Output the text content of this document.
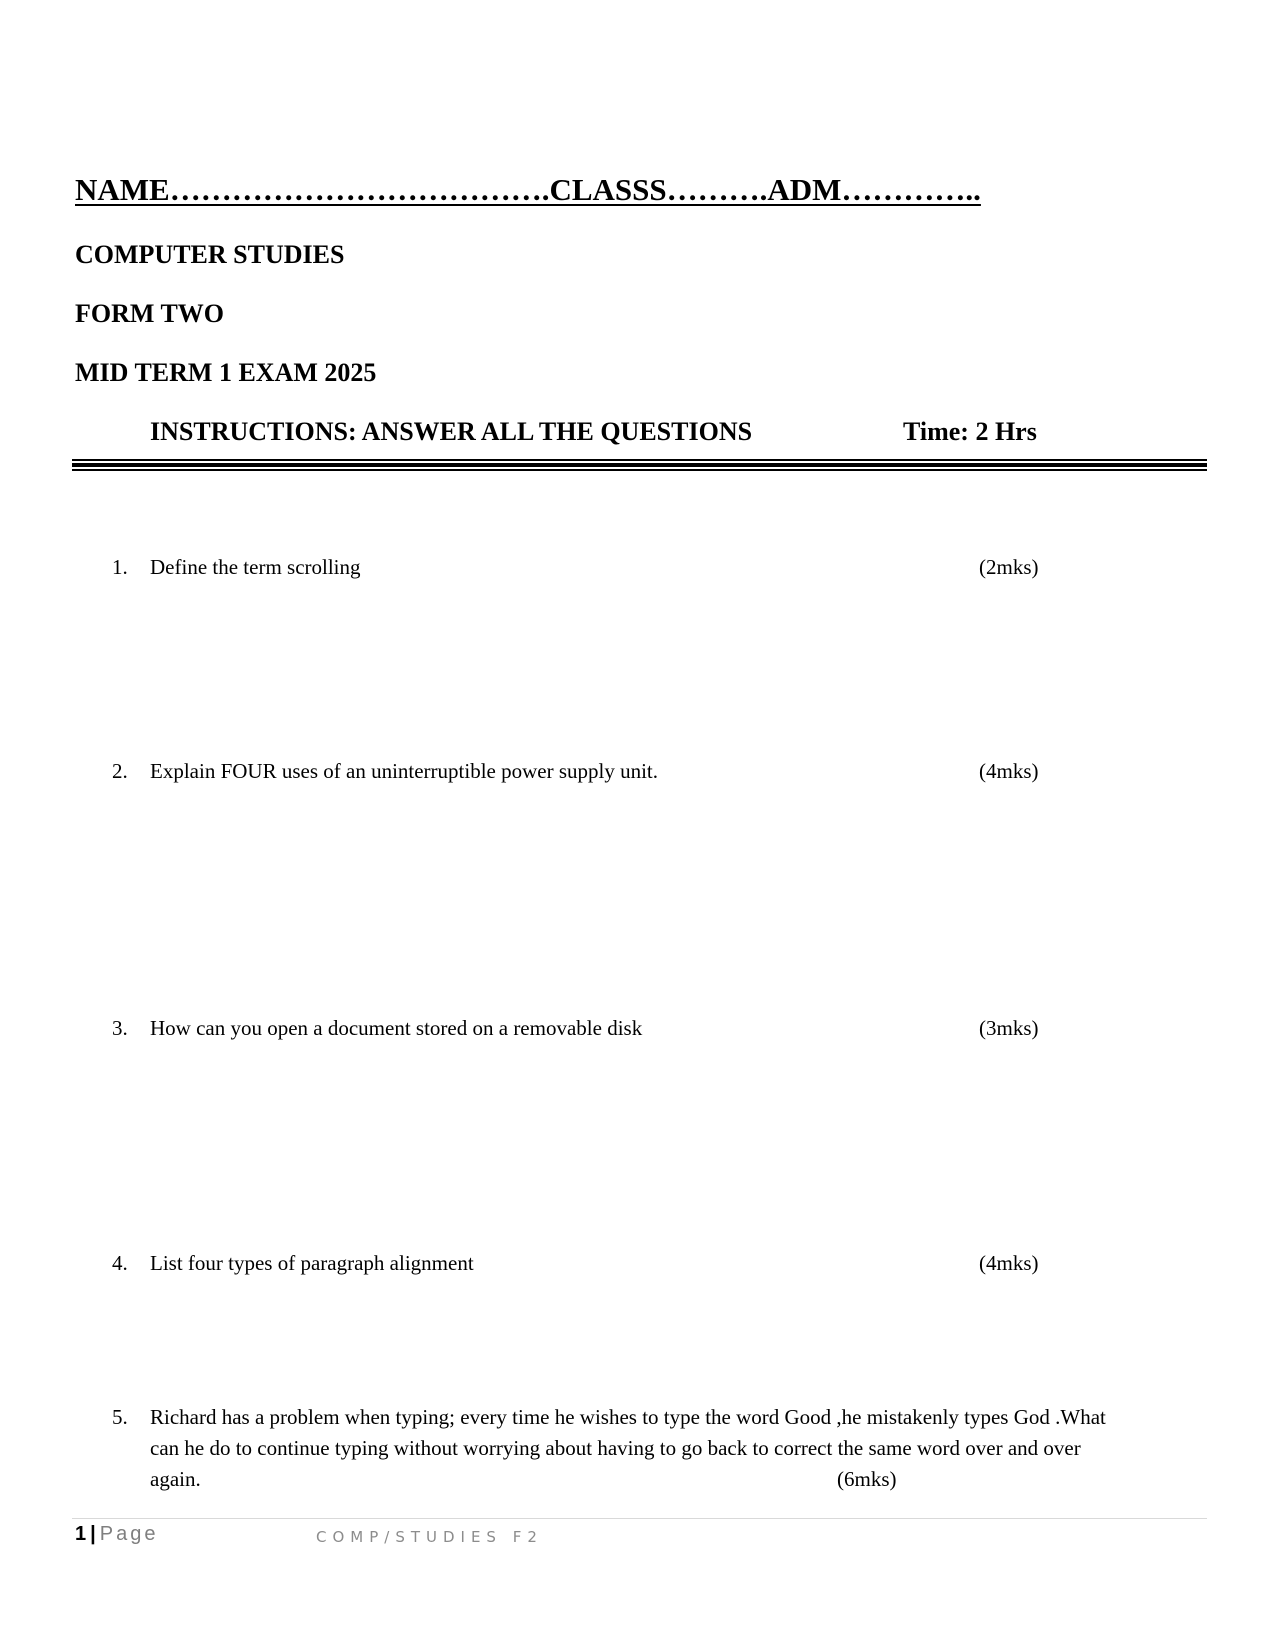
NAME……………………………….CLASSS……….ADM…………..
COMPUTER STUDIES
FORM TWO
MID TERM 1 EXAM 2025
INSTRUCTIONS: ANSWER ALL THE QUESTIONS	Time: 2 Hrs
1.	Define the term scrolling	(2mks)
2.	Explain FOUR uses of an uninterruptible power supply unit.	(4mks)
3.	How can you open a document stored on a removable disk	(3mks)
4.	List four types of paragraph alignment	(4mks)
5.	Richard has a problem when typing; every time he wishes to type the word Good ,he mistakenly types God .What
can he do to continue typing without worrying about having to go back to correct the same word over and over
again.	(6mks)
1 | Page	COMP/STUDIES F2
